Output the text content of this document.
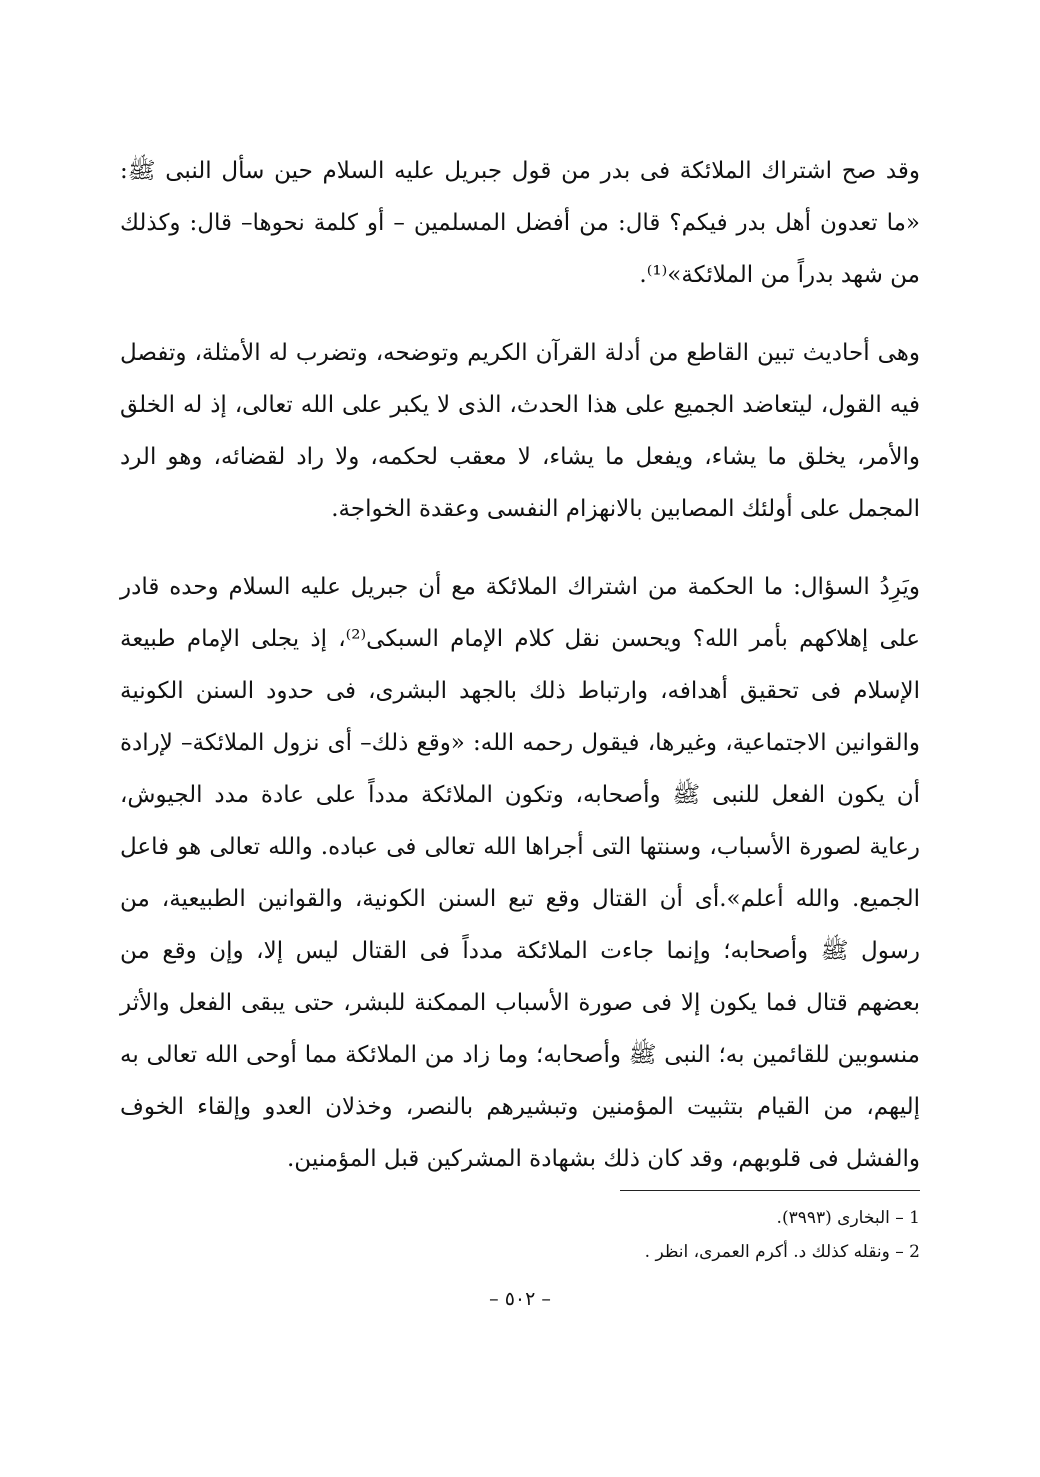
وقد صح اشتراك الملائكة فى بدر من قول جبريل عليه السلام حين سأل النبى ﷺ: «ما تعدون أهل بدر فيكم؟ قال: من أفضل المسلمين – أو كلمة نحوها– قال: وكذلك من شهد بدراً من الملائكة»⁽¹⁾.

وهى أحاديث تبين القاطع من أدلة القرآن الكريم وتوضحه، وتضرب له الأمثلة، وتفصل فيه القول، ليتعاضد الجميع على هذا الحدث، الذى لا يكبر على الله تعالى، إذ له الخلق والأمر، يخلق ما يشاء، ويفعل ما يشاء، لا معقب لحكمه، ولا راد لقضائه، وهو الرد المجمل على أولئك المصابين بالانهزام النفسى وعقدة الخواجة.

ويَرِدُ السؤال: ما الحكمة من اشتراك الملائكة مع أن جبريل عليه السلام وحده قادر على إهلاكهم بأمر الله؟ ويحسن نقل كلام الإمام السبكى⁽²⁾، إذ يجلى الإمام طبيعة الإسلام فى تحقيق أهدافه، وارتباط ذلك بالجهد البشرى، فى حدود السنن الكونية والقوانين الاجتماعية، وغيرها، فيقول رحمه الله: «وقع ذلك– أى نزول الملائكة– لإرادة أن يكون الفعل للنبى ﷺ وأصحابه، وتكون الملائكة مدداً على عادة مدد الجيوش، رعاية لصورة الأسباب، وسنتها التى أجراها الله تعالى فى عباده. والله تعالى هو فاعل الجميع. والله أعلم».أى أن القتال وقع تبع السنن الكونية، والقوانين الطبيعية، من رسول ﷺ وأصحابه؛ وإنما جاءت الملائكة مدداً فى القتال ليس إلا، وإن وقع من بعضهم قتال فما يكون إلا فى صورة الأسباب الممكنة للبشر، حتى يبقى الفعل والأثر منسوبين للقائمين به؛ النبى ﷺ وأصحابه؛ وما زاد من الملائكة مما أوحى الله تعالى به إليهم، من القيام بتثبيت المؤمنين وتبشيرهم بالنصر، وخذلان العدو وإلقاء الخوف والفشل فى قلوبهم، وقد كان ذلك بشهادة المشركين قبل المؤمنين.

1 – البخارى (٣٩٩٣).

2 – ونقله كذلك د. أكرم العمرى، انظر .

– ٥٠٢ –
